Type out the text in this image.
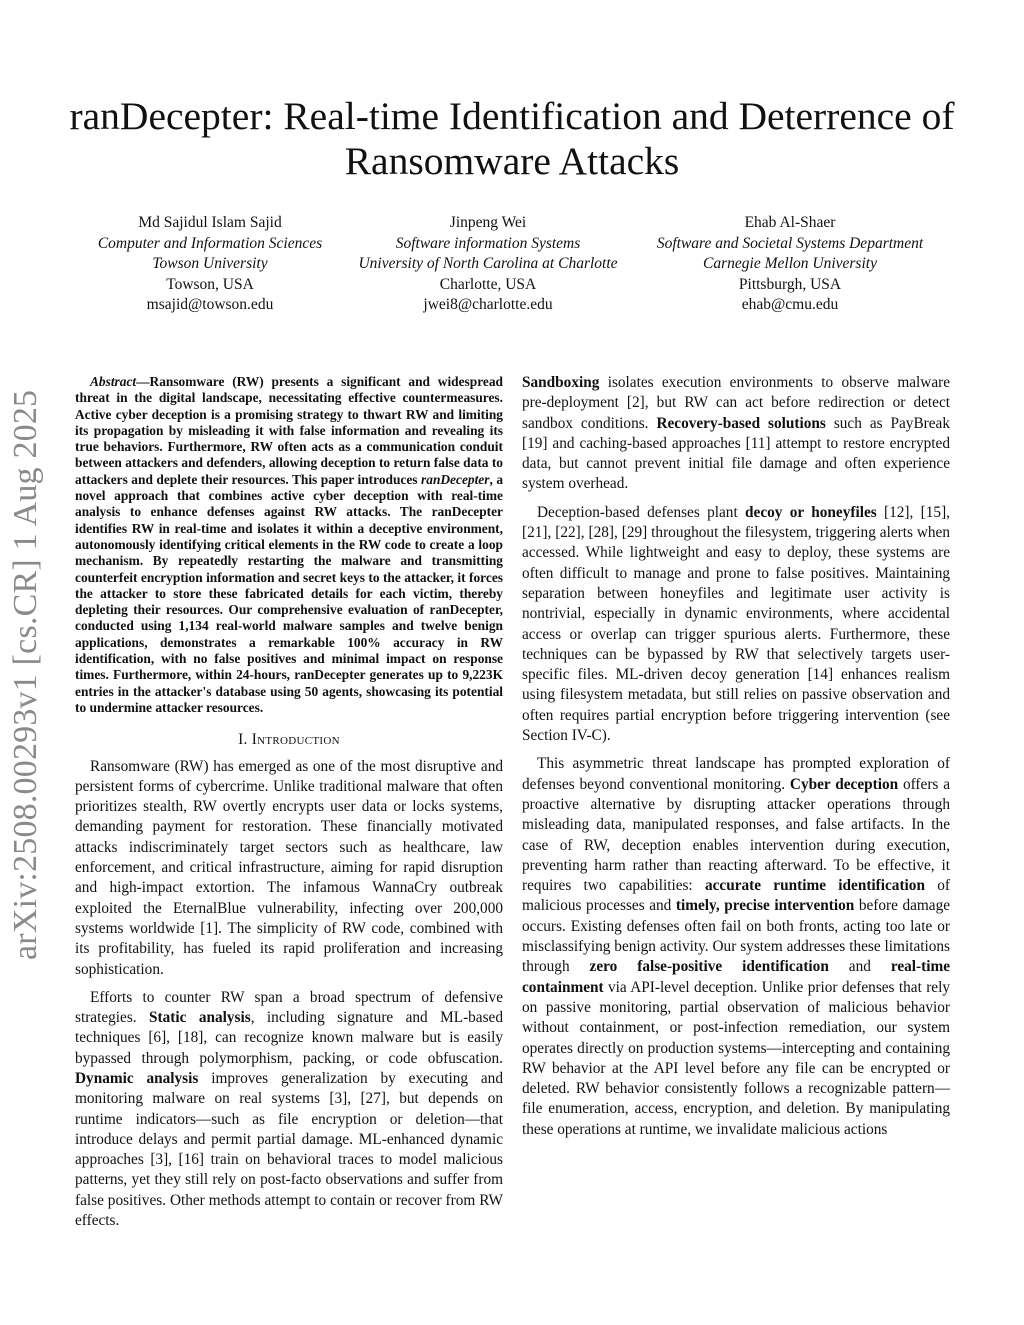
arXiv:2508.00293v1 [cs.CR] 1 Aug 2025
ranDecepter: Real-time Identification and Deterrence of Ransomware Attacks
Md Sajidul Islam Sajid
Computer and Information Sciences
Towson University
Towson, USA
msajid@towson.edu
Jinpeng Wei
Software information Systems
University of North Carolina at Charlotte
Charlotte, USA
jwei8@charlotte.edu
Ehab Al-Shaer
Software and Societal Systems Department
Carnegie Mellon University
Pittsburgh, USA
ehab@cmu.edu

Abstract—Ransomware (RW) presents a significant and widespread threat in the digital landscape, necessitating effective countermeasures. Active cyber deception is a promising strategy to thwart RW and limiting its propagation by misleading it with false information and revealing its true behaviors. Furthermore, RW often acts as a communication conduit between attackers and defenders, allowing deception to return false data to attackers and deplete their resources. This paper introduces ranDecepter, a novel approach that combines active cyber deception with real-time analysis to enhance defenses against RW attacks. The ranDecepter identifies RW in real-time and isolates it within a deceptive environment, autonomously identifying critical elements in the RW code to create a loop mechanism. By repeatedly restarting the malware and transmitting counterfeit encryption information and secret keys to the attacker, it forces the attacker to store these fabricated details for each victim, thereby depleting their resources. Our comprehensive evaluation of ranDecepter, conducted using 1,134 real-world malware samples and twelve benign applications, demonstrates a remarkable 100% accuracy in RW identification, with no false positives and minimal impact on response times. Furthermore, within 24-hours, ranDecepter generates up to 9,223K entries in the attacker's database using 50 agents, showcasing its potential to undermine attacker resources.

I. Introduction

Ransomware (RW) has emerged as one of the most disruptive and persistent forms of cybercrime. Unlike traditional malware that often prioritizes stealth, RW overtly encrypts user data or locks systems, demanding payment for restoration. These financially motivated attacks indiscriminately target sectors such as healthcare, law enforcement, and critical infrastructure, aiming for rapid disruption and high-impact extortion. The infamous WannaCry outbreak exploited the EternalBlue vulnerability, infecting over 200,000 systems worldwide [1]. The simplicity of RW code, combined with its profitability, has fueled its rapid proliferation and increasing sophistication.

Efforts to counter RW span a broad spectrum of defensive strategies. Static analysis, including signature and ML-based techniques [6], [18], can recognize known malware but is easily bypassed through polymorphism, packing, or code obfuscation. Dynamic analysis improves generalization by executing and monitoring malware on real systems [3], [27], but depends on runtime indicators—such as file encryption or deletion—that introduce delays and permit partial damage. ML-enhanced dynamic approaches [3], [16] train on behavioral traces to model malicious patterns, yet they still rely on post-facto observations and suffer from false positives. Other methods attempt to contain or recover from RW effects.

Sandboxing isolates execution environments to observe malware pre-deployment [2], but RW can act before redirection or detect sandbox conditions. Recovery-based solutions such as PayBreak [19] and caching-based approaches [11] attempt to restore encrypted data, but cannot prevent initial file damage and often experience system overhead.

Deception-based defenses plant decoy or honeyfiles [12], [15], [21], [22], [28], [29] throughout the filesystem, triggering alerts when accessed. While lightweight and easy to deploy, these systems are often difficult to manage and prone to false positives. Maintaining separation between honeyfiles and legitimate user activity is nontrivial, especially in dynamic environments, where accidental access or overlap can trigger spurious alerts. Furthermore, these techniques can be bypassed by RW that selectively targets user-specific files. ML-driven decoy generation [14] enhances realism using filesystem metadata, but still relies on passive observation and often requires partial encryption before triggering intervention (see Section IV-C).

This asymmetric threat landscape has prompted exploration of defenses beyond conventional monitoring. Cyber deception offers a proactive alternative by disrupting attacker operations through misleading data, manipulated responses, and false artifacts. In the case of RW, deception enables intervention during execution, preventing harm rather than reacting afterward. To be effective, it requires two capabilities: accurate runtime identification of malicious processes and timely, precise intervention before damage occurs. Existing defenses often fail on both fronts, acting too late or misclassifying benign activity. Our system addresses these limitations through zero false-positive identification and real-time containment via API-level deception. Unlike prior defenses that rely on passive monitoring, partial observation of malicious behavior without containment, or post-infection remediation, our system operates directly on production systems—intercepting and containing RW behavior at the API level before any file can be encrypted or deleted. RW behavior consistently follows a recognizable pattern—file enumeration, access, encryption, and deletion. By manipulating these operations at runtime, we invalidate malicious actions
